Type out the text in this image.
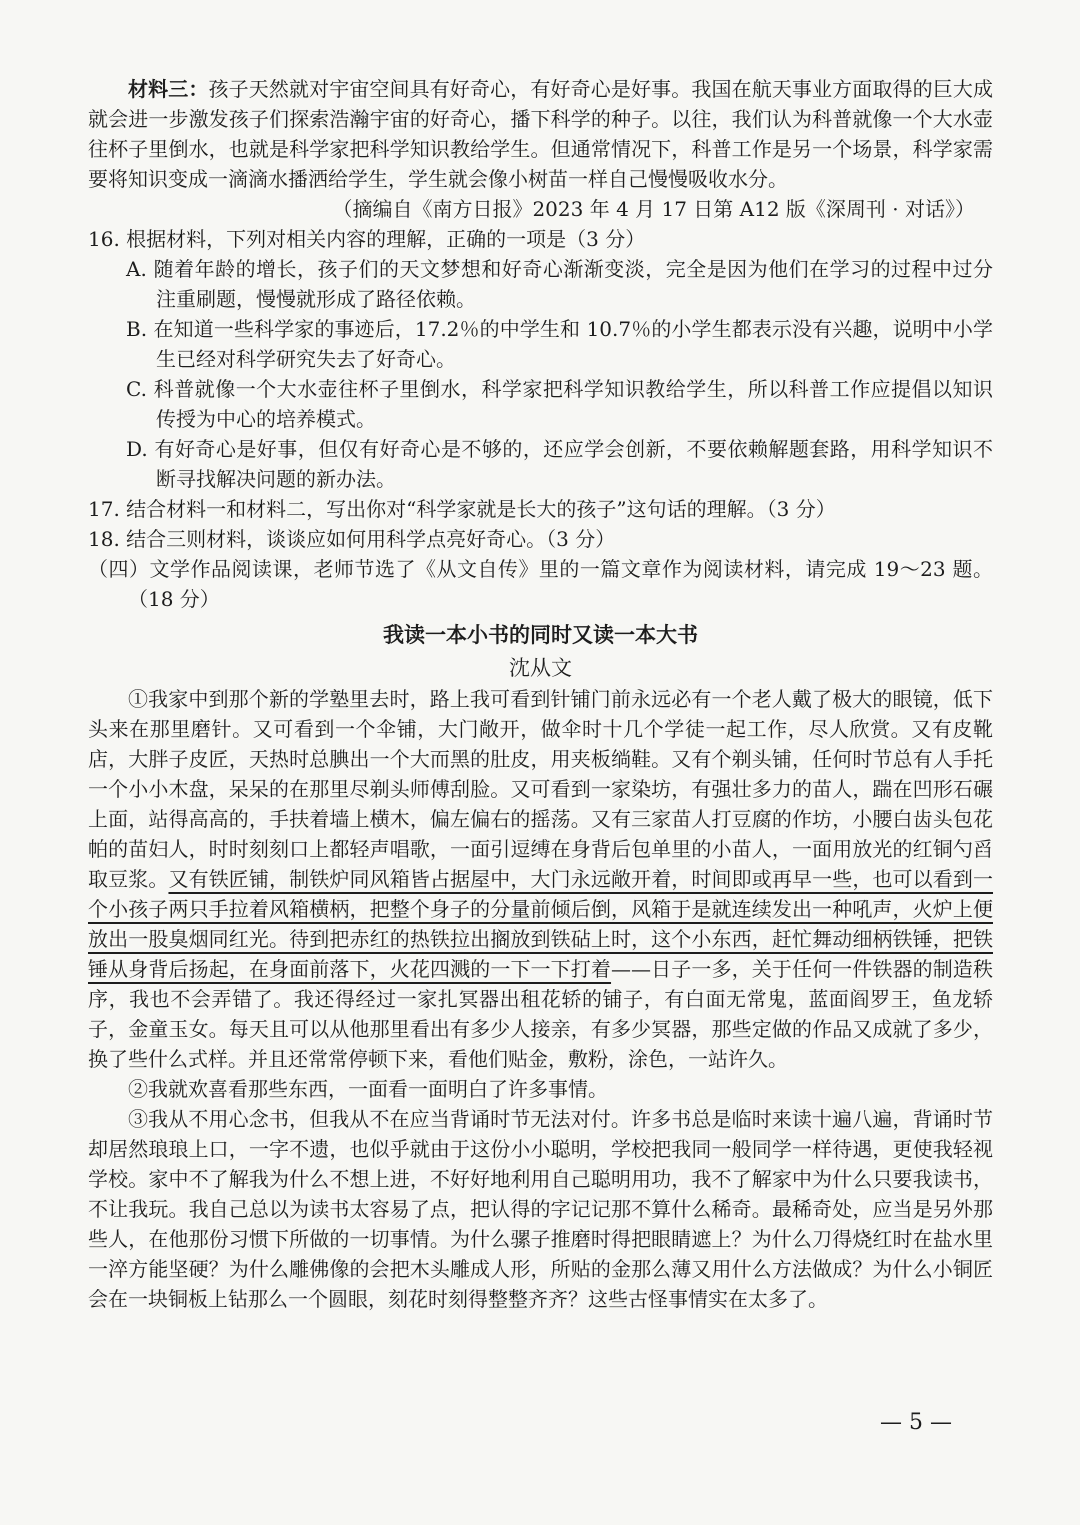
材料三：孩子天然就对宇宙空间具有好奇心，有好奇心是好事。我国在航天事业方面取得的巨大成就会进一步激发孩子们探索浩瀚宇宙的好奇心，播下科学的种子。以往，我们认为科普就像一个大水壶往杯子里倒水，也就是科学家把科学知识教给学生。但通常情况下，科普工作是另一个场景，科学家需要将知识变成一滴滴水播洒给学生，学生就会像小树苗一样自己慢慢吸收水分。

（摘编自《南方日报》2023 年 4 月 17 日第 A12 版《深周刊 · 对话》）

16. 根据材料，下列对相关内容的理解，正确的一项是（3 分）

A. 随着年龄的增长，孩子们的天文梦想和好奇心渐渐变淡，完全是因为他们在学习的过程中过分注重刷题，慢慢就形成了路径依赖。

B. 在知道一些科学家的事迹后，17.2％的中学生和 10.7％的小学生都表示没有兴趣，说明中小学生已经对科学研究失去了好奇心。

C. 科普就像一个大水壶往杯子里倒水，科学家把科学知识教给学生，所以科普工作应提倡以知识传授为中心的培养模式。

D. 有好奇心是好事，但仅有好奇心是不够的，还应学会创新，不要依赖解题套路，用科学知识不断寻找解决问题的新办法。

17. 结合材料一和材料二，写出你对“科学家就是长大的孩子”这句话的理解。（3 分）

18. 结合三则材料，谈谈应如何用科学点亮好奇心。（3 分）

（四）文学作品阅读课，老师节选了《从文自传》里的一篇文章作为阅读材料，请完成 19～23 题。（18 分）

我读一本小书的同时又读一本大书

沈从文

①我家中到那个新的学塾里去时，路上我可看到针铺门前永远必有一个老人戴了极大的眼镜，低下头来在那里磨针。又可看到一个伞铺，大门敞开，做伞时十几个学徒一起工作，尽人欣赏。又有皮靴店，大胖子皮匠，天热时总腆出一个大而黑的肚皮，用夹板绱鞋。又有个剃头铺，任何时节总有人手托一个小小木盘，呆呆的在那里尽剃头师傅刮脸。又可看到一家染坊，有强壮多力的苗人，踹在凹形石碾上面，站得高高的，手扶着墙上横木，偏左偏右的摇荡。又有三家苗人打豆腐的作坊，小腰白齿头包花帕的苗妇人，时时刻刻口上都轻声唱歌，一面引逗缚在身背后包单里的小苗人，一面用放光的红铜勺舀取豆浆。又有铁匠铺，制铁炉同风箱皆占据屋中，大门永远敞开着，时间即或再早一些，也可以看到一个小孩子两只手拉着风箱横柄，把整个身子的分量前倾后倒，风箱于是就连续发出一种吼声，火炉上便放出一股臭烟同红光。待到把赤红的热铁拉出搁放到铁砧上时，这个小东西，赶忙舞动细柄铁锤，把铁锤从身背后扬起，在身面前落下，火花四溅的一下一下打着——日子一多，关于任何一件铁器的制造秩序，我也不会弄错了。我还得经过一家扎冥器出租花轿的铺子，有白面无常鬼，蓝面阎罗王，鱼龙轿子，金童玉女。每天且可以从他那里看出有多少人接亲，有多少冥器，那些定做的作品又成就了多少，换了些什么式样。并且还常常停顿下来，看他们贴金，敷粉，涂色，一站许久。

②我就欢喜看那些东西，一面看一面明白了许多事情。

③我从不用心念书，但我从不在应当背诵时节无法对付。许多书总是临时来读十遍八遍，背诵时节却居然琅琅上口，一字不遗，也似乎就由于这份小小聪明，学校把我同一般同学一样待遇，更使我轻视学校。家中不了解我为什么不想上进，不好好地利用自己聪明用功，我不了解家中为什么只要我读书，不让我玩。我自己总以为读书太容易了点，把认得的字记记那不算什么稀奇。最稀奇处，应当是另外那些人，在他那份习惯下所做的一切事情。为什么骡子推磨时得把眼睛遮上？为什么刀得烧红时在盐水里一淬方能坚硬？为什么雕佛像的会把木头雕成人形，所贴的金那么薄又用什么方法做成？为什么小铜匠会在一块铜板上钻那么一个圆眼，刻花时刻得整整齐齐？这些古怪事情实在太多了。

— 5 —
